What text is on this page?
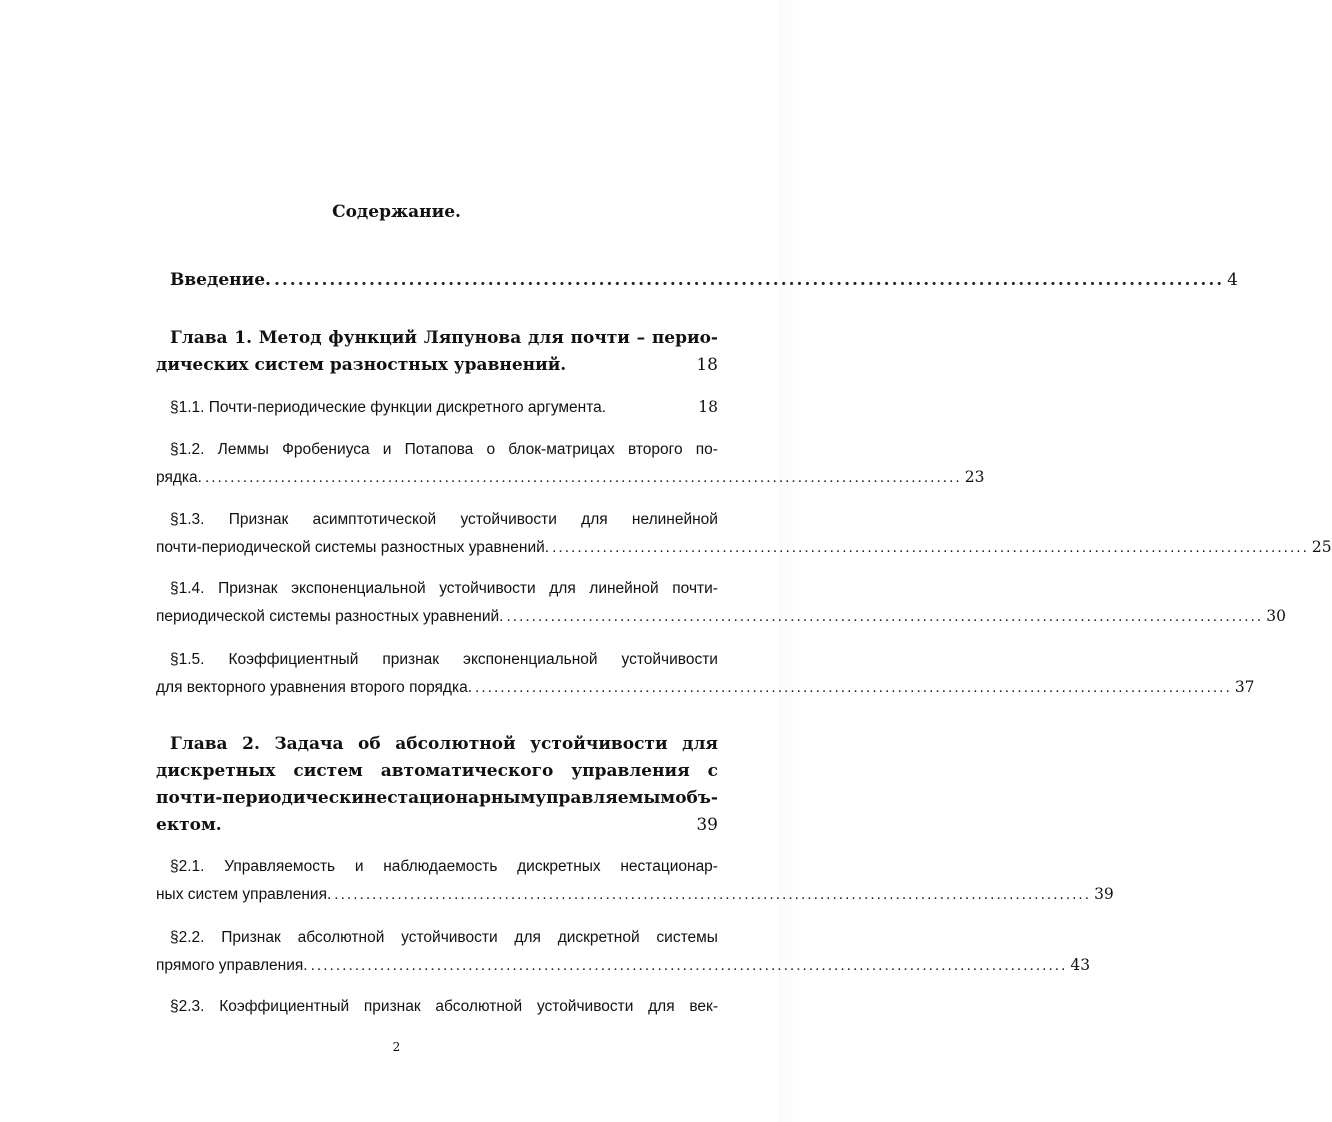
Содержание.
Введение. ........................................................................................................................ 4
Глава 1. Метод функций Ляпунова для почти – перио-
дических систем разностных уравнений.	18
§1.1. Почти-периодические функции дискретного аргумента.	18
§1.2. Леммы Фробениуса и Потапова о блок-матрицах второго по-
рядка. ........................................................................................................................ 23
§1.3. Признак асимптотической устойчивости для нелинейной
почти-периодической системы разностных уравнений. ........................................................................................................................ 25
§1.4. Признак экспоненциальной устойчивости для линейной почти-
периодической системы разностных уравнений. ........................................................................................................................ 30
§1.5. Коэффициентный признак экспоненциальной устойчивости
для векторного уравнения второго порядка. ........................................................................................................................ 37
Глава 2. Задача об абсолютной устойчивости для
дискретных систем автоматического управления с
почти-периодически нестационарным управляемым объ-
ектом.	39
§2.1. Управляемость и наблюдаемость дискретных нестационар-
ных систем управления. ........................................................................................................................ 39
§2.2. Признак абсолютной устойчивости для дискретной системы
прямого управления. ........................................................................................................................ 43
§2.3. Коэффициентный признак абсолютной устойчивости для век-
2
